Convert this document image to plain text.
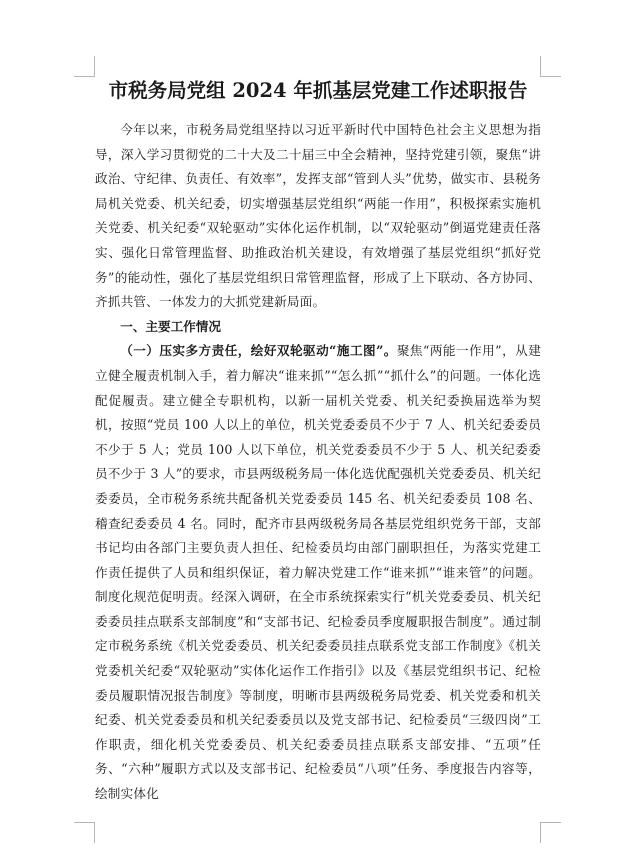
市税务局党组 2024 年抓基层党建工作述职报告

今年以来，市税务局党组坚持以习近平新时代中国特色社会主义思想为指导，深入学习贯彻党的二十大及二十届三中全会精神，坚持党建引领，聚焦“讲政治、守纪律、负责任、有效率”，发挥支部“管到人头”优势，做实市、县税务局机关党委、机关纪委，切实增强基层党组织“两能一作用”，积极探索实施机关党委、机关纪委“双轮驱动”实体化运作机制，以“双轮驱动”倒逼党建责任落实、强化日常管理监督、助推政治机关建设，有效增强了基层党组织“抓好党务”的能动性，强化了基层党组织日常管理监督，形成了上下联动、各方协同、齐抓共管、一体发力的大抓党建新局面。

一、主要工作情况

（一）压实多方责任，绘好双轮驱动“施工图”。聚焦“两能一作用”，从建立健全履责机制入手，着力解决“谁来抓”“怎么抓”“抓什么”的问题。一体化选配促履责。建立健全专职机构，以新一届机关党委、机关纪委换届选举为契机，按照“党员 100 人以上的单位，机关党委委员不少于 7 人、机关纪委委员不少于 5 人；党员 100 人以下单位，机关党委委员不少于 5 人、机关纪委委员不少于 3 人”的要求，市县两级税务局一体化选优配强机关党委委员、机关纪委委员，全市税务系统共配备机关党委委员 145 名、机关纪委委员 108 名、稽查纪委委员 4 名。同时，配齐市县两级税务局各基层党组织党务干部，支部书记均由各部门主要负责人担任、纪检委员均由部门副职担任，为落实党建工作责任提供了人员和组织保证，着力解决党建工作“谁来抓”“谁来管”的问题。制度化规范促明责。经深入调研，在全市系统探索实行“机关党委委员、机关纪委委员挂点联系支部制度”和“支部书记、纪检委员季度履职报告制度”。通过制定市税务系统《机关党委委员、机关纪委委员挂点联系党支部工作制度》《机关党委机关纪委“双轮驱动”实体化运作工作指引》以及《基层党组织书记、纪检委员履职情况报告制度》等制度，明晰市县两级税务局党委、机关党委和机关纪委、机关党委委员和机关纪委委员以及党支部书记、纪检委员“三级四岗”工作职责，细化机关党委委员、机关纪委委员挂点联系支部安排、“五项”任务、“六种”履职方式以及支部书记、纪检委员“八项”任务、季度报告内容等，绘制实体化
